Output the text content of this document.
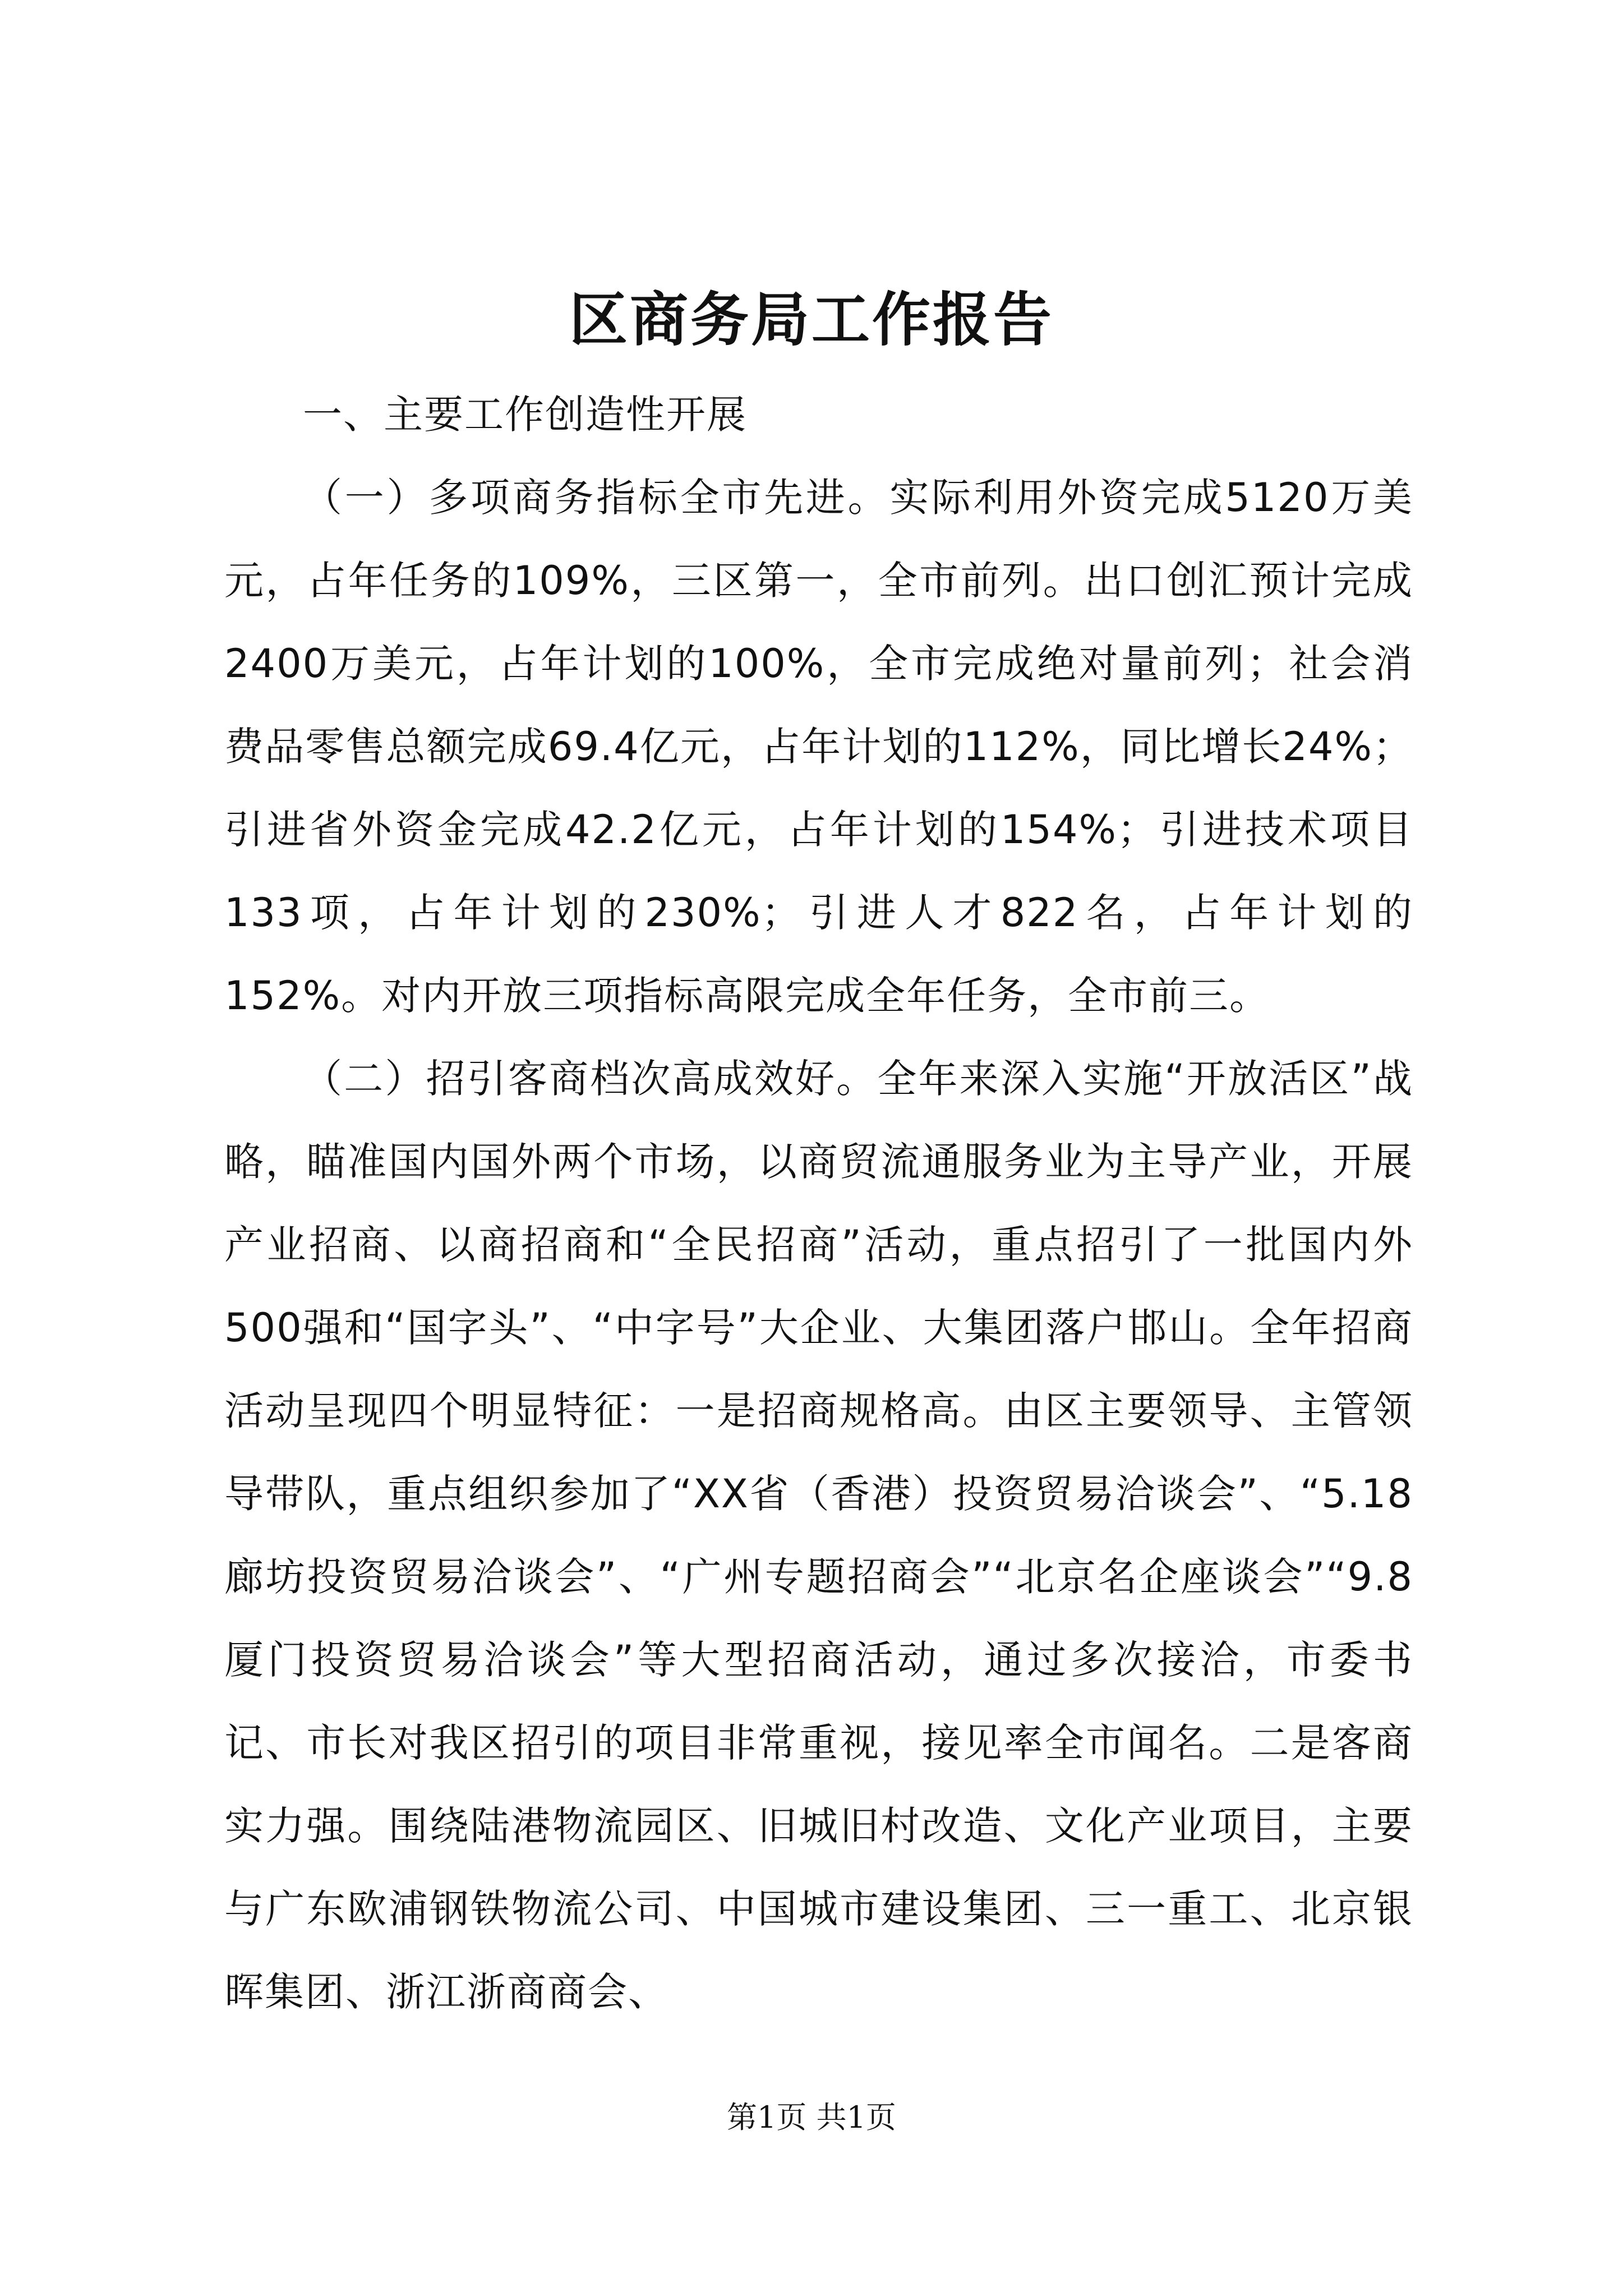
区商务局工作报告

一、主要工作创造性开展

（一）多项商务指标全市先进。实际利用外资完成5120万美元，占年任务的109%，三区第一，全市前列。出口创汇预计完成2400万美元，占年计划的100%，全市完成绝对量前列；社会消费品零售总额完成69.4亿元，占年计划的112%，同比增长24%；引进省外资金完成42.2亿元，占年计划的154%；引进技术项目133项，占年计划的230%；引进人才822名，占年计划的152%。对内开放三项指标高限完成全年任务，全市前三。

（二）招引客商档次高成效好。全年来深入实施“开放活区”战略，瞄准国内国外两个市场，以商贸流通服务业为主导产业，开展产业招商、以商招商和“全民招商”活动，重点招引了一批国内外500强和“国字头”、“中字号”大企业、大集团落户邯山。全年招商活动呈现四个明显特征：一是招商规格高。由区主要领导、主管领导带队，重点组织参加了“XX省（香港）投资贸易洽谈会”、“5.18廊坊投资贸易洽谈会”、“广州专题招商会”“北京名企座谈会”“9.8厦门投资贸易洽谈会”等大型招商活动，通过多次接洽，市委书记、市长对我区招引的项目非常重视，接见率全市闻名。二是客商实力强。围绕陆港物流园区、旧城旧村改造、文化产业项目，主要与广东欧浦钢铁物流公司、中国城市建设集团、三一重工、北京银晖集团、浙江浙商商会、

第1页 共1页
